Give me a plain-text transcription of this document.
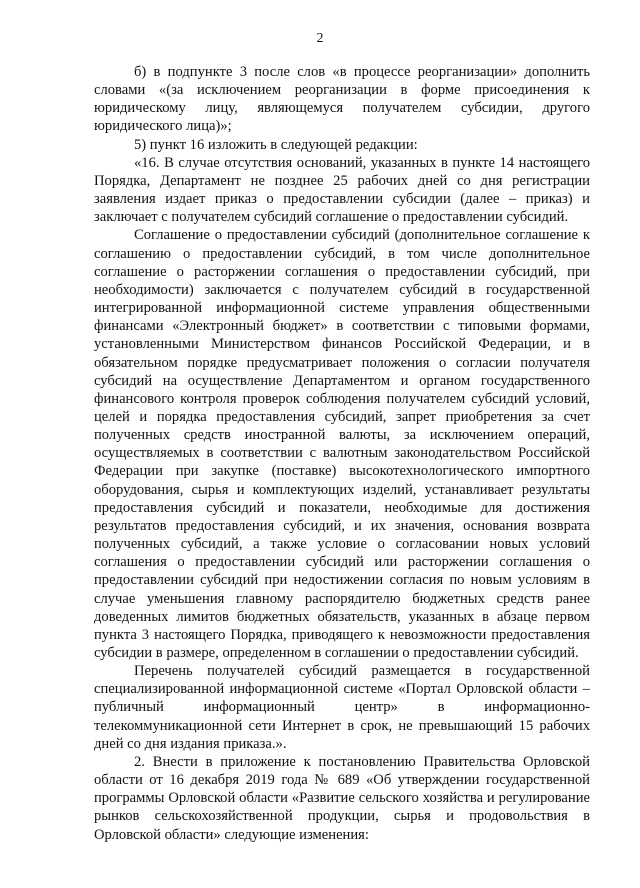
2

б) в подпункте 3 после слов «в процессе реорганизации» дополнить словами «(за исключением реорганизации в форме присоединения к юридическому лицу, являющемуся получателем субсидии, другого юридического лица)»;

5) пункт 16 изложить в следующей редакции:

«16. В случае отсутствия оснований, указанных в пункте 14 настоящего Порядка, Департамент не позднее 25 рабочих дней со дня регистрации заявления издает приказ о предоставлении субсидии (далее – приказ) и заключает с получателем субсидий соглашение о предоставлении субсидий.

Соглашение о предоставлении субсидий (дополнительное соглашение к соглашению о предоставлении субсидий, в том числе дополнительное соглашение о расторжении соглашения о предоставлении субсидий, при необходимости) заключается с получателем субсидий в государственной интегрированной информационной системе управления общественными финансами «Электронный бюджет» в соответствии с типовыми формами, установленными Министерством финансов Российской Федерации, и в обязательном порядке предусматривает положения о согласии получателя субсидий на осуществление Департаментом и органом государственного финансового контроля проверок соблюдения получателем субсидий условий, целей и порядка предоставления субсидий, запрет приобретения за счет полученных средств иностранной валюты, за исключением операций, осуществляемых в соответствии с валютным законодательством Российской Федерации при закупке (поставке) высокотехнологического импортного оборудования, сырья и комплектующих изделий, устанавливает результаты предоставления субсидий и показатели, необходимые для достижения результатов предоставления субсидий, и их значения, основания возврата полученных субсидий, а также условие о согласовании новых условий соглашения о предоставлении субсидий или расторжении соглашения о предоставлении субсидий при недостижении согласия по новым условиям в случае уменьшения главному распорядителю бюджетных средств ранее доведенных лимитов бюджетных обязательств, указанных в абзаце первом пункта 3 настоящего Порядка, приводящего к невозможности предоставления субсидии в размере, определенном в соглашении о предоставлении субсидий.

Перечень получателей субсидий размещается в государственной специализированной информационной системе «Портал Орловской области – публичный информационный центр» в информационно-телекоммуникационной сети Интернет в срок, не превышающий 15 рабочих дней со дня издания приказа.».

2. Внести в приложение к постановлению Правительства Орловской области от 16 декабря 2019 года № 689 «Об утверждении государственной программы Орловской области «Развитие сельского хозяйства и регулирование рынков сельскохозяйственной продукции, сырья и продовольствия в Орловской области» следующие изменения:
